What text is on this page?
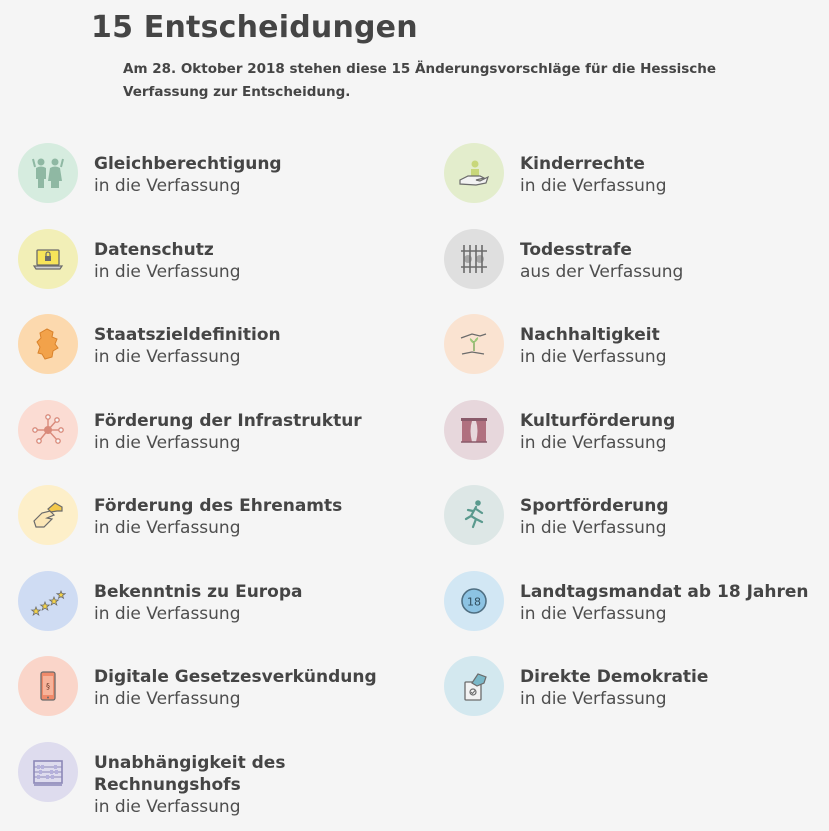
15 Entscheidungen
Am 28. Oktober 2018 stehen diese 15 Änderungsvorschläge für die Hessische Verfassung zur Entscheidung.
Gleichberechtigung
in die Verfassung
Datenschutz
in die Verfassung
Staatszieldefinition
in die Verfassung
Förderung der Infrastruktur
in die Verfassung
Förderung des Ehrenamts
in die Verfassung
Bekenntnis zu Europa
in die Verfassung
§	Digitale Gesetzesverkündung
in die Verfassung
Unabhängigkeit des Rechnungshofs
in die Verfassung
Kinderrechte
in die Verfassung
Todesstrafe
aus der Verfassung
Nachhaltigkeit
in die Verfassung
Kulturförderung
in die Verfassung
Sportförderung
in die Verfassung
18 Landtagsmandat ab 18 Jahren
in die Verfassung
Direkte Demokratie
in die Verfassung
